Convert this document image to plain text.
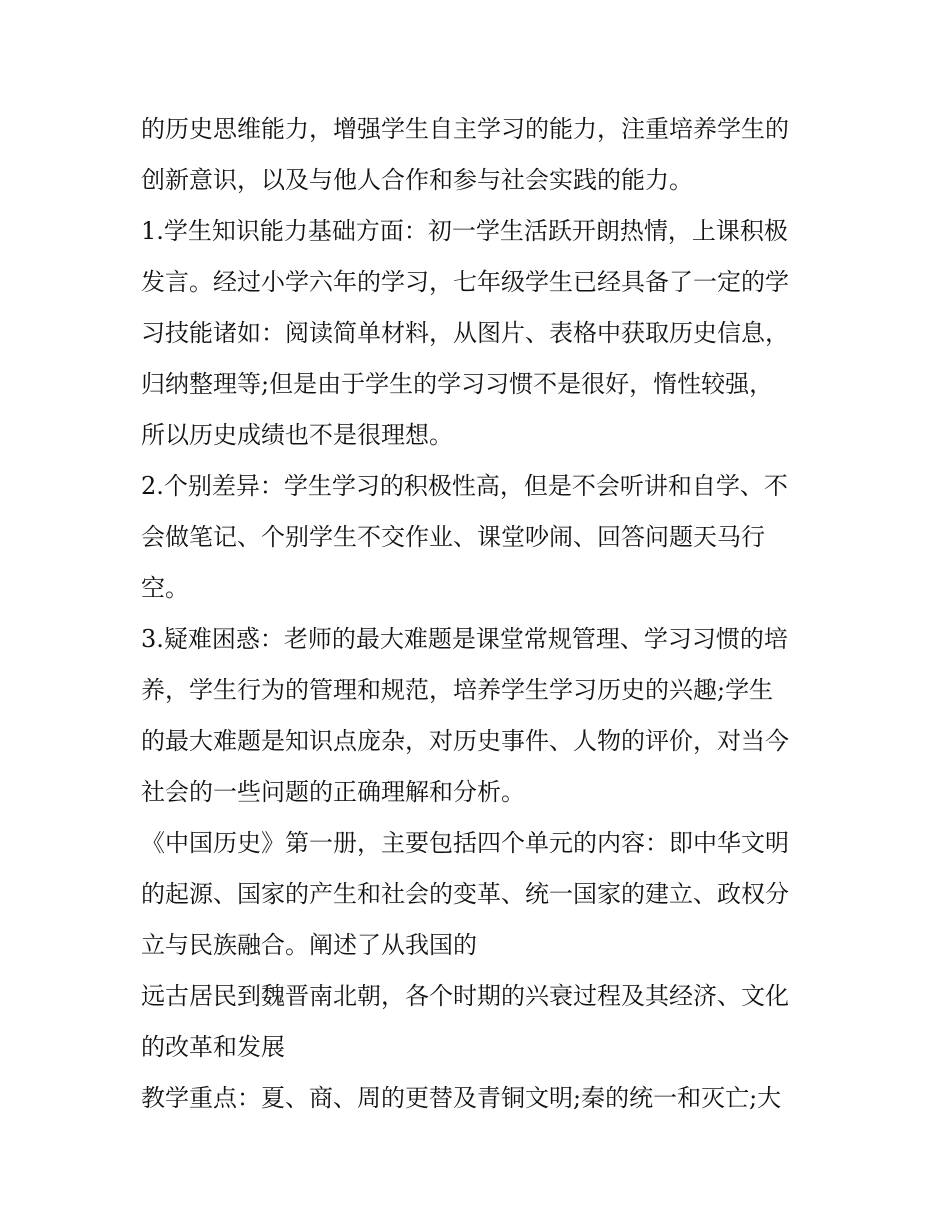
的历史思维能力，增强学生自主学习的能力，注重培养学生的
创新意识，以及与他人合作和参与社会实践的能力。
1.学生知识能力基础方面：初一学生活跃开朗热情，上课积极
发言。经过小学六年的学习，七年级学生已经具备了一定的学
习技能诸如：阅读简单材料，从图片、表格中获取历史信息，
归纳整理等;但是由于学生的学习习惯不是很好，惰性较强，
所以历史成绩也不是很理想。
2.个别差异：学生学习的积极性高，但是不会听讲和自学、不
会做笔记、个别学生不交作业、课堂吵闹、回答问题天马行
空。
3.疑难困惑：老师的最大难题是课堂常规管理、学习习惯的培
养，学生行为的管理和规范，培养学生学习历史的兴趣;学生
的最大难题是知识点庞杂，对历史事件、人物的评价，对当今
社会的一些问题的正确理解和分析。
《中国历史》第一册，主要包括四个单元的内容：即中华文明
的起源、国家的产生和社会的变革、统一国家的建立、政权分
立与民族融合。阐述了从我国的
远古居民到魏晋南北朝，各个时期的兴衰过程及其经济、文化
的改革和发展
教学重点：夏、商、周的更替及青铜文明;秦的统一和灭亡;大
